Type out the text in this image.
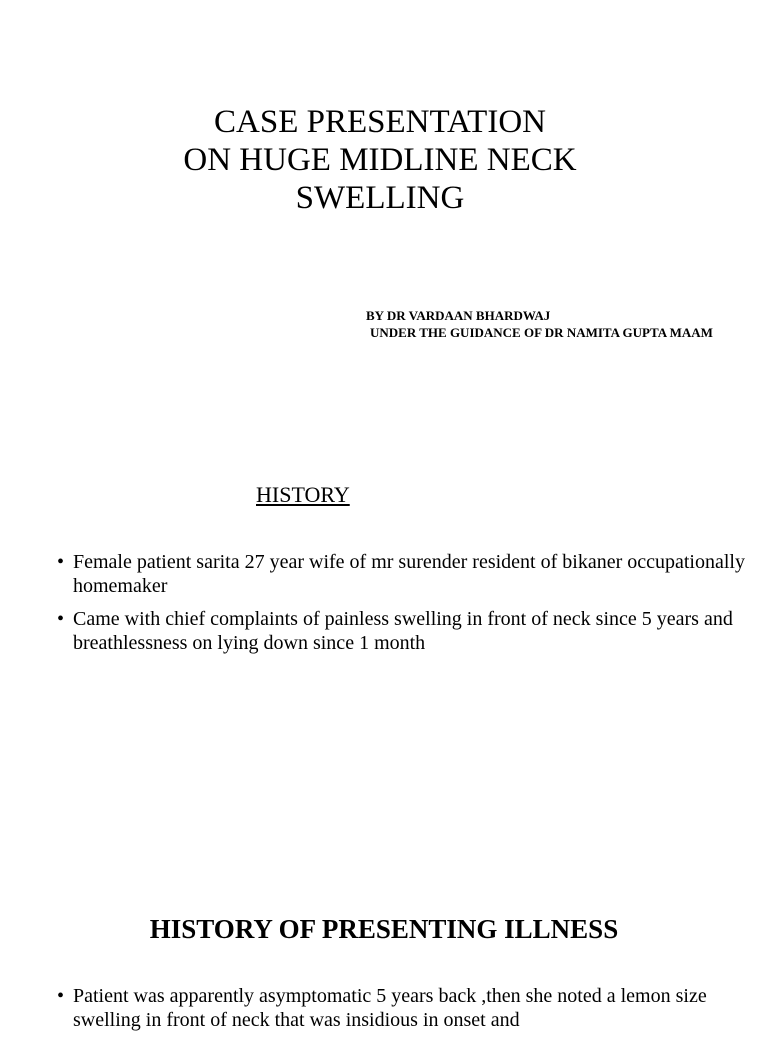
CASE PRESENTATION
ON HUGE MIDLINE NECK
SWELLING
BY DR VARDAAN BHARDWAJ
UNDER THE GUIDANCE OF DR NAMITA GUPTA MAAM
HISTORY
• Female patient sarita 27 year wife of mr surender resident of bikaner occupationally homemaker
• Came with chief complaints of painless swelling in front of neck since 5 years and breathlessness on lying down since 1 month
HISTORY OF PRESENTING ILLNESS
• Patient was apparently asymptomatic 5 years back ,then she noted a lemon size swelling in front of neck that was insidious in onset and
